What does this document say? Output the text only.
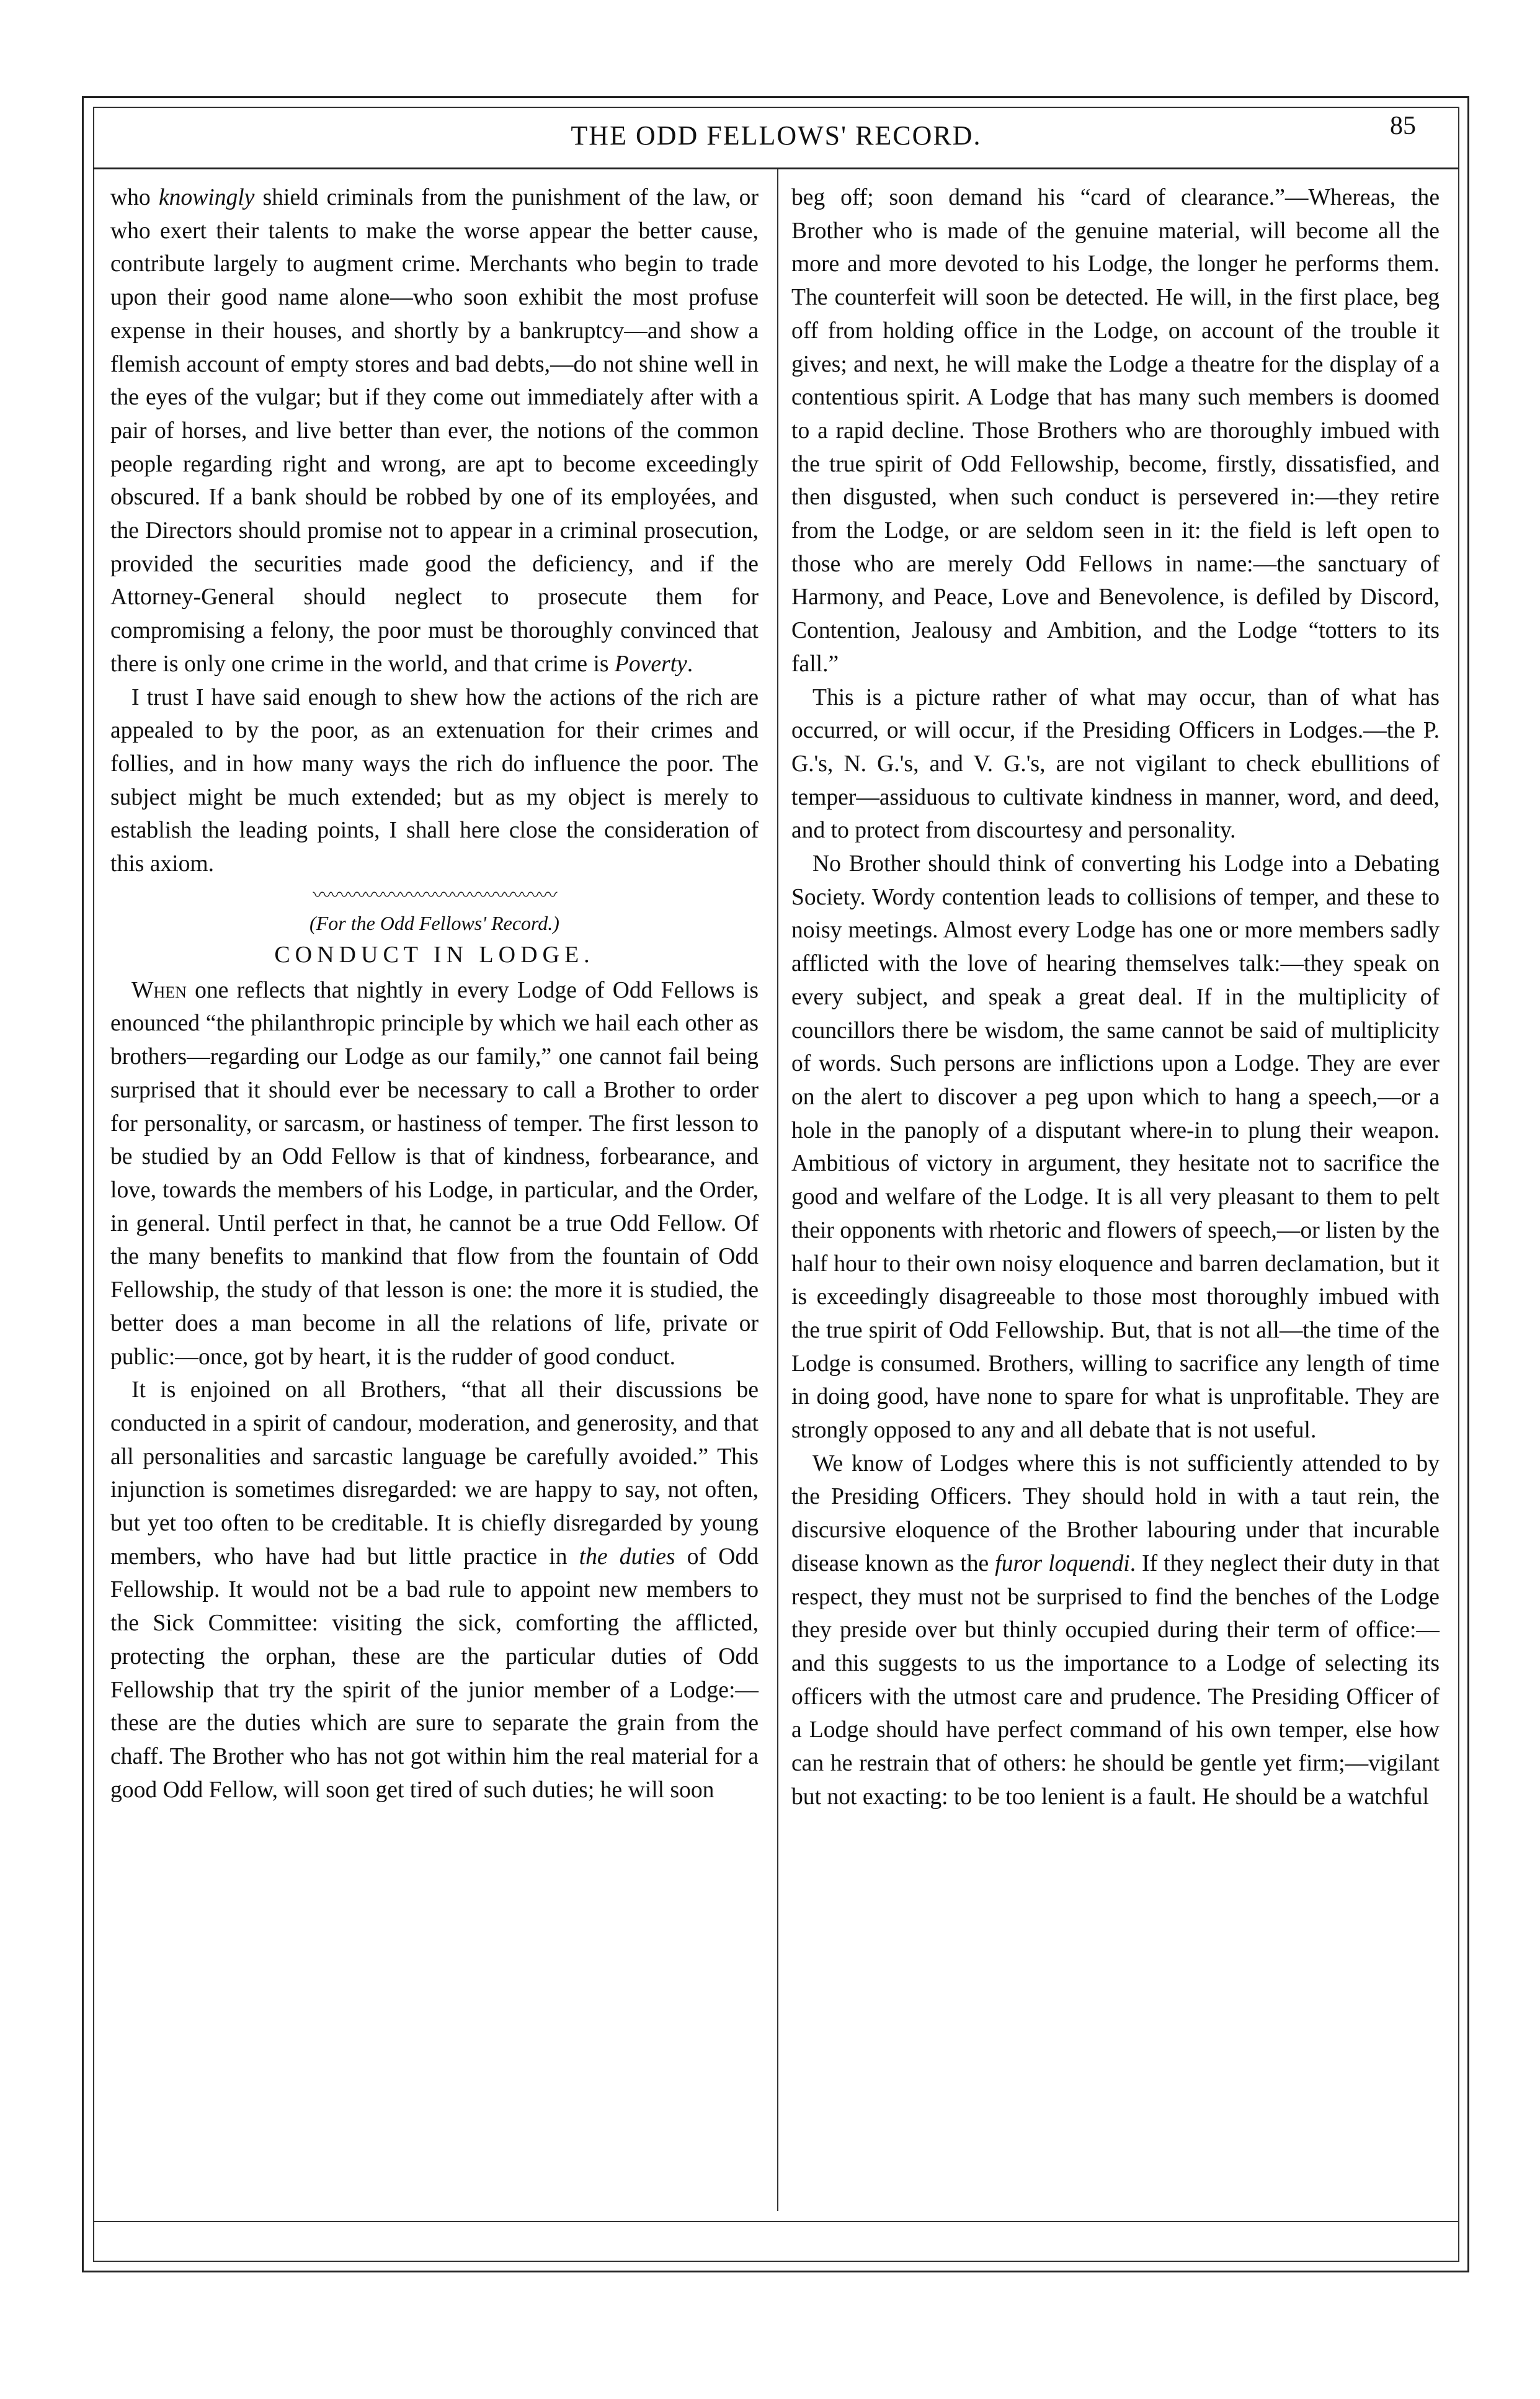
THE ODD FELLOWS' RECORD.	85

who knowingly shield criminals from the punishment of the law, or who exert their talents to make the worse appear the better cause, contribute largely to augment crime. Merchants who begin to trade upon their good name alone—who soon exhibit the most profuse expense in their houses, and shortly by a bankruptcy—and show a flemish account of empty stores and bad debts,—do not shine well in the eyes of the vulgar; but if they come out immediately after with a pair of horses, and live better than ever, the notions of the common people regarding right and wrong, are apt to become exceedingly obscured. If a bank should be robbed by one of its employées, and the Directors should promise not to appear in a criminal prosecution, provided the securities made good the deficiency, and if the Attorney-General should neglect to prosecute them for compromising a felony, the poor must be thoroughly convinced that there is only one crime in the world, and that crime is Poverty.

I trust I have said enough to shew how the actions of the rich are appealed to by the poor, as an extenuation for their crimes and follies, and in how many ways the rich do influence the poor. The subject might be much extended; but as my object is merely to establish the leading points, I shall here close the consideration of this axiom.

〰〰〰〰〰〰〰〰〰〰〰〰〰〰
(For the Odd Fellows' Record.)
CONDUCT IN LODGE.

When one reflects that nightly in every Lodge of Odd Fellows is enounced “the philanthropic principle by which we hail each other as brothers—regarding our Lodge as our family,” one cannot fail being surprised that it should ever be necessary to call a Brother to order for personality, or sarcasm, or hastiness of temper. The first lesson to be studied by an Odd Fellow is that of kindness, forbearance, and love, towards the members of his Lodge, in particular, and the Order, in general. Until perfect in that, he cannot be a true Odd Fellow. Of the many benefits to mankind that flow from the fountain of Odd Fellowship, the study of that lesson is one: the more it is studied, the better does a man become in all the relations of life, private or public:—once, got by heart, it is the rudder of good conduct.

It is enjoined on all Brothers, “that all their discussions be conducted in a spirit of candour, moderation, and generosity, and that all personalities and sarcastic language be carefully avoided.” This injunction is sometimes disregarded: we are happy to say, not often, but yet too often to be creditable. It is chiefly disregarded by young members, who have had but little practice in the duties of Odd Fellowship. It would not be a bad rule to appoint new members to the Sick Committee: visiting the sick, comforting the afflicted, protecting the orphan, these are the particular duties of Odd Fellowship that try the spirit of the junior member of a Lodge:—these are the duties which are sure to separate the grain from the chaff. The Brother who has not got within him the real material for a good Odd Fellow, will soon get tired of such duties; he will soon

beg off; soon demand his “card of clearance.”—Whereas, the Brother who is made of the genuine material, will become all the more and more devoted to his Lodge, the longer he performs them. The counterfeit will soon be detected. He will, in the first place, beg off from holding office in the Lodge, on account of the trouble it gives; and next, he will make the Lodge a theatre for the display of a contentious spirit. A Lodge that has many such members is doomed to a rapid decline. Those Brothers who are thoroughly imbued with the true spirit of Odd Fellowship, become, firstly, dissatisfied, and then disgusted, when such conduct is persevered in:—they retire from the Lodge, or are seldom seen in it: the field is left open to those who are merely Odd Fellows in name:—the sanctuary of Harmony, and Peace, Love and Benevolence, is defiled by Discord, Contention, Jealousy and Ambition, and the Lodge “totters to its fall.”

This is a picture rather of what may occur, than of what has occurred, or will occur, if the Presiding Officers in Lodges.—the P. G.'s, N. G.'s, and V. G.'s, are not vigilant to check ebullitions of temper—assiduous to cultivate kindness in manner, word, and deed, and to protect from discourtesy and personality.

No Brother should think of converting his Lodge into a Debating Society. Wordy contention leads to collisions of temper, and these to noisy meetings. Almost every Lodge has one or more members sadly afflicted with the love of hearing themselves talk:—they speak on every subject, and speak a great deal. If in the multiplicity of councillors there be wisdom, the same cannot be said of multiplicity of words. Such persons are inflictions upon a Lodge. They are ever on the alert to discover a peg upon which to hang a speech,—or a hole in the panoply of a disputant where-in to plung their weapon. Ambitious of victory in argument, they hesitate not to sacrifice the good and welfare of the Lodge. It is all very pleasant to them to pelt their opponents with rhetoric and flowers of speech,—or listen by the half hour to their own noisy eloquence and barren declamation, but it is exceedingly disagreeable to those most thoroughly imbued with the true spirit of Odd Fellowship. But, that is not all—the time of the Lodge is consumed. Brothers, willing to sacrifice any length of time in doing good, have none to spare for what is unprofitable. They are strongly opposed to any and all debate that is not useful.

We know of Lodges where this is not sufficiently attended to by the Presiding Officers. They should hold in with a taut rein, the discursive eloquence of the Brother labouring under that incurable disease known as the furor loquendi. If they neglect their duty in that respect, they must not be surprised to find the benches of the Lodge they preside over but thinly occupied during their term of office:—and this suggests to us the importance to a Lodge of selecting its officers with the utmost care and prudence. The Presiding Officer of a Lodge should have perfect command of his own temper, else how can he restrain that of others: he should be gentle yet firm;—vigilant but not exacting: to be too lenient is a fault. He should be a watchful
